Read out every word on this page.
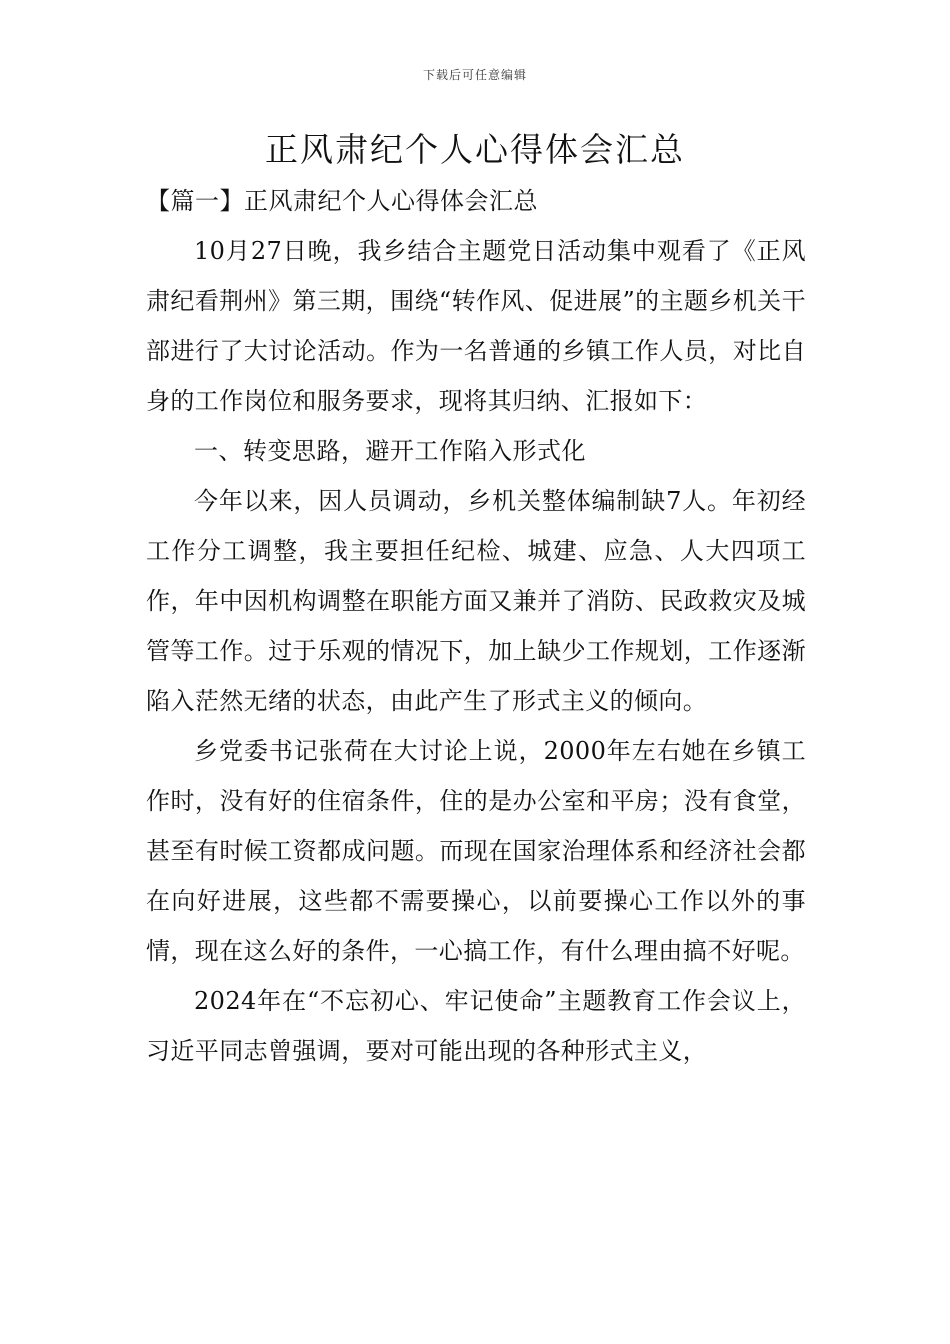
下载后可任意编辑
正风肃纪个人心得体会汇总

【篇一】正风肃纪个人心得体会汇总

10月27日晚，我乡结合主题党日活动集中观看了《正风肃纪看荆州》第三期，围绕“转作风、促进展”的主题乡机关干部进行了大讨论活动。作为一名普通的乡镇工作人员，对比自身的工作岗位和服务要求，现将其归纳、汇报如下：

一、转变思路，避开工作陷入形式化

今年以来，因人员调动，乡机关整体编制缺7人。年初经工作分工调整，我主要担任纪检、城建、应急、人大四项工作，年中因机构调整在职能方面又兼并了消防、民政救灾及城管等工作。过于乐观的情况下，加上缺少工作规划，工作逐渐陷入茫然无绪的状态，由此产生了形式主义的倾向。

乡党委书记张荷在大讨论上说，2000年左右她在乡镇工作时，没有好的住宿条件，住的是办公室和平房；没有食堂，甚至有时候工资都成问题。而现在国家治理体系和经济社会都在向好进展，这些都不需要操心，以前要操心工作以外的事情，现在这么好的条件，一心搞工作，有什么理由搞不好呢。

2024年在“不忘初心、牢记使命”主题教育工作会议上，习近平同志曾强调，要对可能出现的各种形式主义，
